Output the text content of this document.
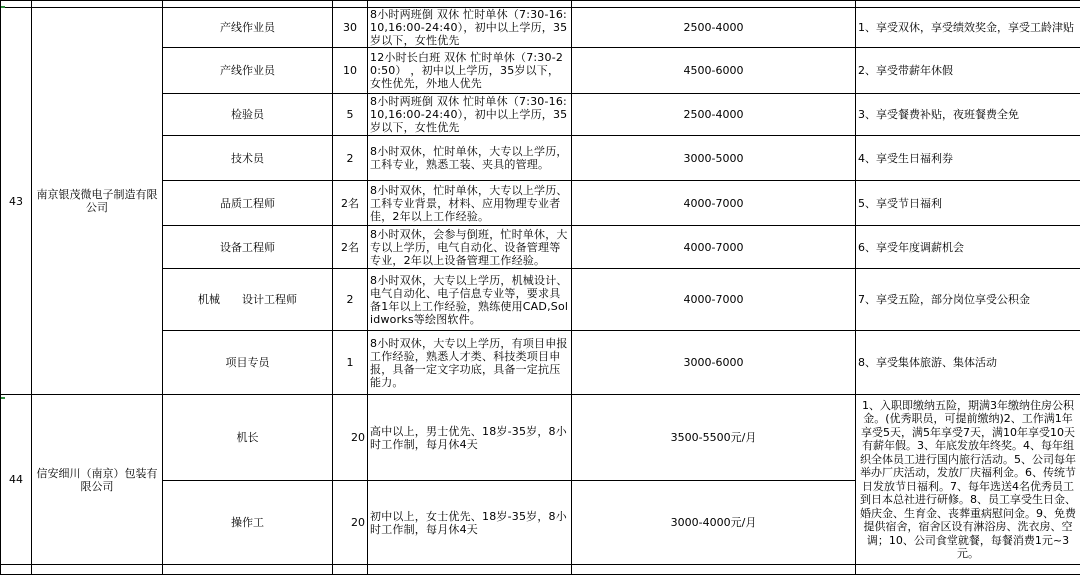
43	南京银茂微电子制造有限公司	产线作业员	30	8小时两班倒 双休 忙时单休（7:30-16:10,16:00-24:40），初中以上学历，35岁以下，女性优先	2500-4000	1、享受双休，享受绩效奖金，享受工龄津贴
		产线作业员	10	12小时长白班 双休 忙时单休（7:30-20:50） ，初中以上学历，35岁以下，女性优先，外地人优先	4500-6000	2、享受带薪年休假
		检验员	5	8小时两班倒 双休 忙时单休（7:30-16:10,16:00-24:40），初中以上学历，35岁以下，女性优先	2500-4000	3、享受餐费补贴，夜班餐费全免
		技术员	2	8小时双休，忙时单休，大专以上学历，工科专业，熟悉工装、夹具的管理。	3000-5000	4、享受生日福利券
		品质工程师	2名	8小时双休，忙时单休，大专以上学历、工科专业背景，材料、应用物理专业者佳，2年以上工作经验。	4000-7000	5、享受节日福利
		设备工程师	2名	8小时双休，会参与倒班，忙时单休，大专以上学历，电气自动化、设备管理等专业，2年以上设备管理工作经验。	4000-7000	6、享受年度调薪机会
		机械　　设计工程师	2	8小时双休，大专以上学历，机械设计、电气自动化、电子信息专业等，要求具备1年以上工作经验，熟练使用CAD,Solidworks等绘图软件。	4000-7000	7、享受五险，部分岗位享受公积金
		项目专员	1	8小时双休，大专以上学历，有项目申报工作经验，熟悉人才类、科技类项目申报，具备一定文字功底，具备一定抗压能力。	3000-6000	8、享受集体旅游、集体活动
44	信安细川（南京）包装有限公司	机长	20	高中以上，男士优先、18岁-35岁，8小时工作制，每月休4天	3500-5500元/月	1、入职即缴纳五险，期满3年缴纳住房公积金。(优秀职员，可提前缴纳)2、工作满1年享受5天，满5年享受7天，满10年享受10天有薪年假。3、年底发放年终奖。4、每年组织全体员工进行国内旅行活动。5、公司每年举办厂庆活动，发放厂庆福利金。6、传统节日发放节日福利。7、每年选送4名优秀员工到日本总社进行研修。8、员工享受生日金、婚庆金、生育金、丧葬重病慰问金。9、免费提供宿舍，宿舍区设有淋浴房、洗衣房、空调；10、公司食堂就餐，每餐消费1元~3元。
		操作工	20	初中以上，女士优先、18岁-35岁，8小时工作制，每月休4天	3000-4000元/月	
